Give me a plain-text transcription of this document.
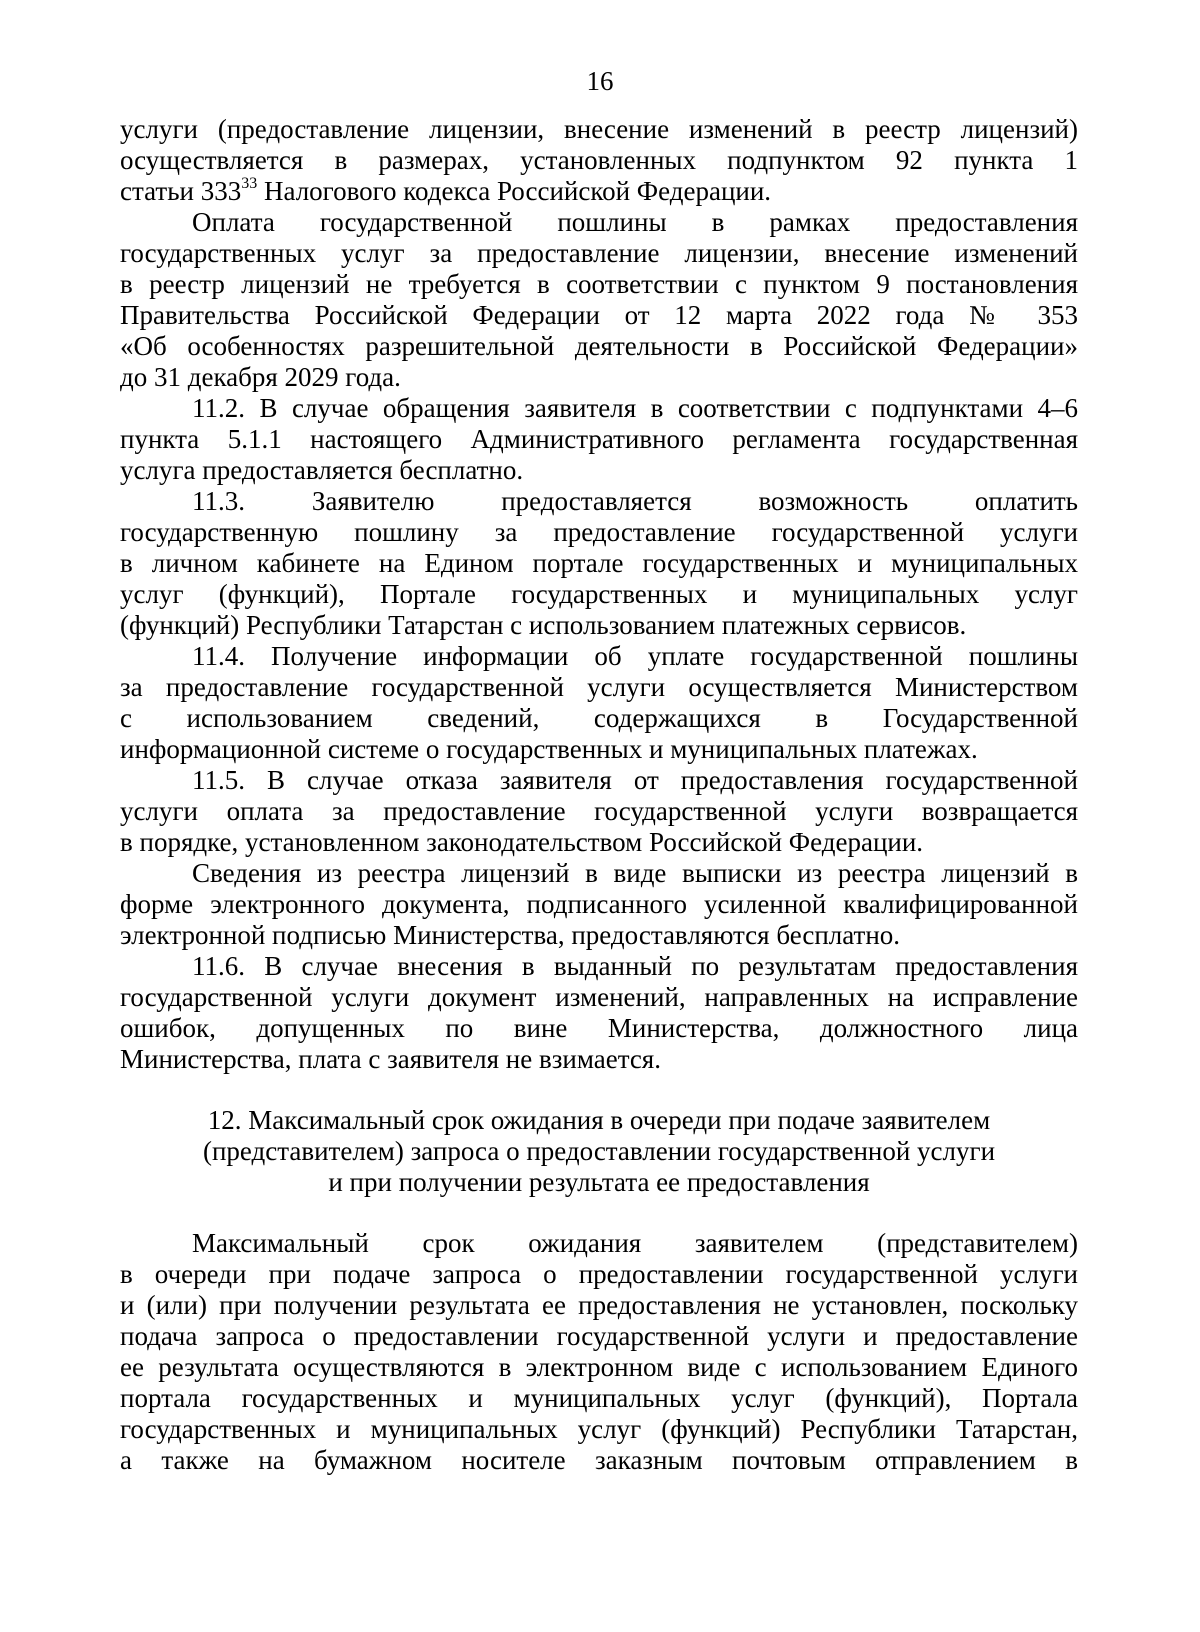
16
услуги (предоставление лицензии, внесение изменений в реестр лицензий)
осуществляется в размерах, установленных подпунктом 92 пункта 1
статьи $333^{33}$ Налогового кодекса Российской Федерации.
Оплата государственной пошлины в рамках предоставления
государственных услуг за предоставление лицензии, внесение изменений
в реестр лицензий не требуется в соответствии с пунктом 9 постановления
Правительства Российской Федерации от 12 марта 2022 года № 353
«Об особенностях разрешительной деятельности в Российской Федерации»
до 31 декабря 2029 года.
11.2. В случае обращения заявителя в соответствии с подпунктами 4–6
пункта 5.1.1 настоящего Административного регламента государственная
услуга предоставляется бесплатно.
11.3. Заявителю предоставляется возможность оплатить
государственную пошлину за предоставление государственной услуги
в личном кабинете на Едином портале государственных и муниципальных
услуг (функций), Портале государственных и муниципальных услуг
(функций) Республики Татарстан с использованием платежных сервисов.
11.4. Получение информации об уплате государственной пошлины
за предоставление государственной услуги осуществляется Министерством
с использованием сведений, содержащихся в Государственной
информационной системе о государственных и муниципальных платежах.
11.5. В случае отказа заявителя от предоставления государственной
услуги оплата за предоставление государственной услуги возвращается
в порядке, установленном законодательством Российской Федерации.
Сведения из реестра лицензий в виде выписки из реестра лицензий в
форме электронного документа, подписанного усиленной квалифицированной
электронной подписью Министерства, предоставляются бесплатно.
11.6. В случае внесения в выданный по результатам предоставления
государственной услуги документ изменений, направленных на исправление
ошибок, допущенных по вине Министерства, должностного лица
Министерства, плата с заявителя не взимается.
12. Максимальный срок ожидания в очереди при подаче заявителем
(представителем) запроса о предоставлении государственной услуги
и при получении результата ее предоставления
Максимальный срок ожидания заявителем (представителем)
в очереди при подаче запроса о предоставлении государственной услуги
и (или) при получении результата ее предоставления не установлен, поскольку
подача запроса о предоставлении государственной услуги и предоставление
ее результата осуществляются в электронном виде с использованием Единого
портала государственных и муниципальных услуг (функций), Портала
государственных и муниципальных услуг (функций) Республики Татарстан,
а также на бумажном носителе заказным почтовым отправлением в
